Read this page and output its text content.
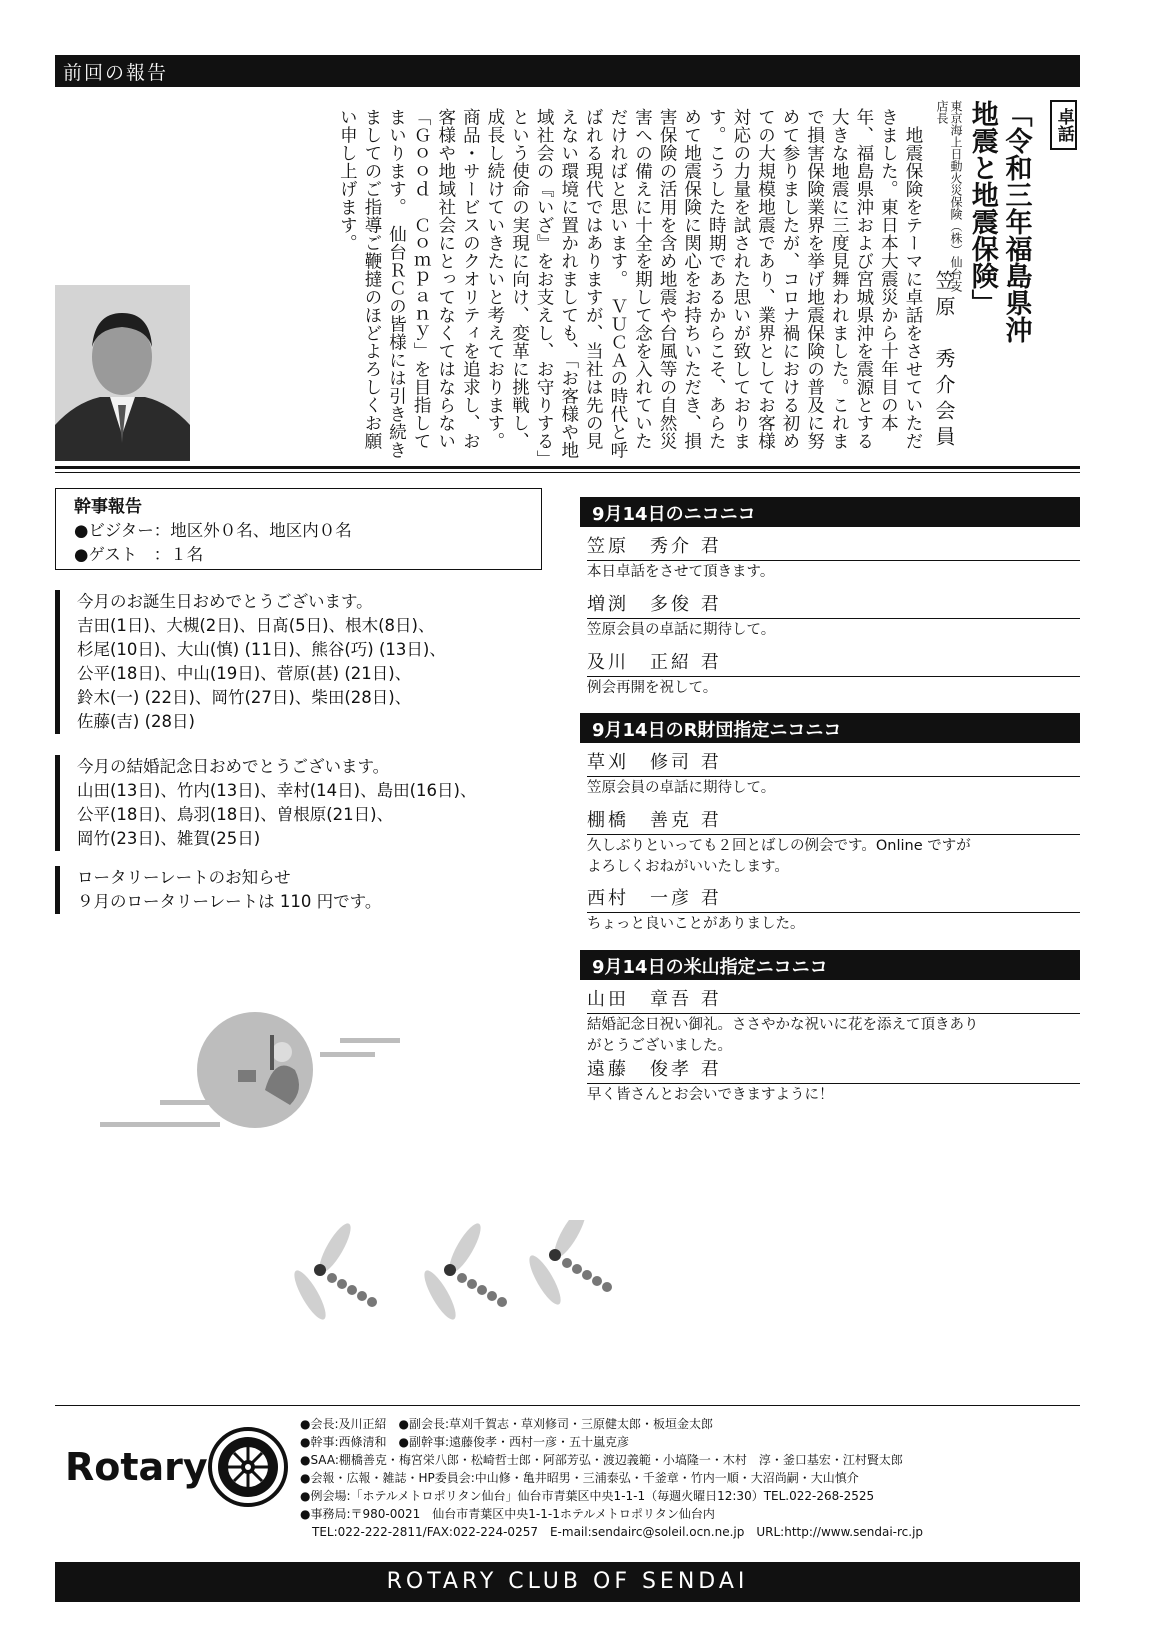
前回の報告
卓話
「令和三年福島県沖地震と地震保険」
東京海上日動火災保険（株）仙台支店長
笠原　秀介会員
　地震保険をテーマに卓話をさせていただきました。東日本大震災から十年目の本年、福島県沖および宮城県沖を震源とする大きな地震に三度見舞われました。これまで損害保険業界を挙げ地震保険の普及に努めて参りましたが、コロナ禍における初めての大規模地震であり、業界としてお客様対応の力量を試された思いが致しております。こうした時期であるからこそ、あらためて地震保険に関心をお持ちいただき、損害保険の活用を含め地震や台風等の自然災害への備えに十全を期して念を入れていただければと思います。　ＶＵＣＡの時代と呼ばれる現代ではありますが、当社は先の見えない環境に置かれましても、「お客様や地域社会の『いざ』をお支えし、お守りする」という使命の実現に向け、変革に挑戦し、成長し続けていきたいと考えております。商品・サービスのクオリティを追求し、お客様や地域社会にとってなくてはならない「Ｇｏｏｄ　Ｃｏｍｐａｎｙ」を目指してまいります。　仙台ＲＣの皆様には引き続きましてのご指導ご鞭撻のほどよろしくお願い申し上げます。
幹事報告
●ビジター：地区外０名、地区内０名
●ゲスト　：１名
今月のお誕生日おめでとうございます。
吉田(1日)、大槻(2日)、日髙(5日)、根木(8日)、
杉尾(10日)、大山(慎) (11日)、熊谷(巧) (13日)、
公平(18日)、中山(19日)、菅原(甚) (21日)、
鈴木(一) (22日)、岡竹(27日)、柴田(28日)、
佐藤(吉) (28日)
今月の結婚記念日おめでとうございます。
山田(13日)、竹内(13日)、幸村(14日)、島田(16日)、
公平(18日)、鳥羽(18日)、曽根原(21日)、
岡竹(23日)、雑賀(25日)
ロータリーレートのお知らせ
９月のロータリーレートは 110 円です。
9月14日のニコニコ
笠原　秀介 君
本日卓話をさせて頂きます。
増渕　多俊 君
笠原会員の卓話に期待して。
及川　正紹 君
例会再開を祝して。
9月14日のR財団指定ニコニコ
草刈　修司 君
笠原会員の卓話に期待して。
棚橋　善克 君
久しぶりといっても２回とばしの例会です。Online ですが
よろしくおねがいいたします。
西村　一彦 君
ちょっと良いことがありました。
9月14日の米山指定ニコニコ
山田　章吾 君
結婚記念日祝い御礼。ささやかな祝いに花を添えて頂きあり
がとうございました。
遠藤　俊孝 君
早く皆さんとお会いできますように！
Rotary
●会長:及川正紹　●副会長:草刈千賀志・草刈修司・三原健太郎・板垣金太郎
●幹事:西條清和　●副幹事:遠藤俊孝・西村一彦・五十嵐克彦
●SAA:棚橋善克・梅宮栄八郎・松崎哲士郎・阿部芳弘・渡辺義範・小塙隆一・木村　淳・釜口基宏・江村賢太郎
●会報・広報・雑誌・HP委員会:中山修・亀井昭男・三浦泰弘・千釜章・竹内一順・大沼尚嗣・大山慎介
●例会場:「ホテルメトロポリタン仙台」仙台市青葉区中央1-1-1（毎週火曜日12:30）TEL.022-268-2525
●事務局:〒980-0021　仙台市青葉区中央1-1-1ホテルメトロポリタン仙台内
TEL:022-222-2811/FAX:022-224-0257　E-mail:sendairc@soleil.ocn.ne.jp　URL:http://www.sendai-rc.jp
ROTARY CLUB OF SENDAI
